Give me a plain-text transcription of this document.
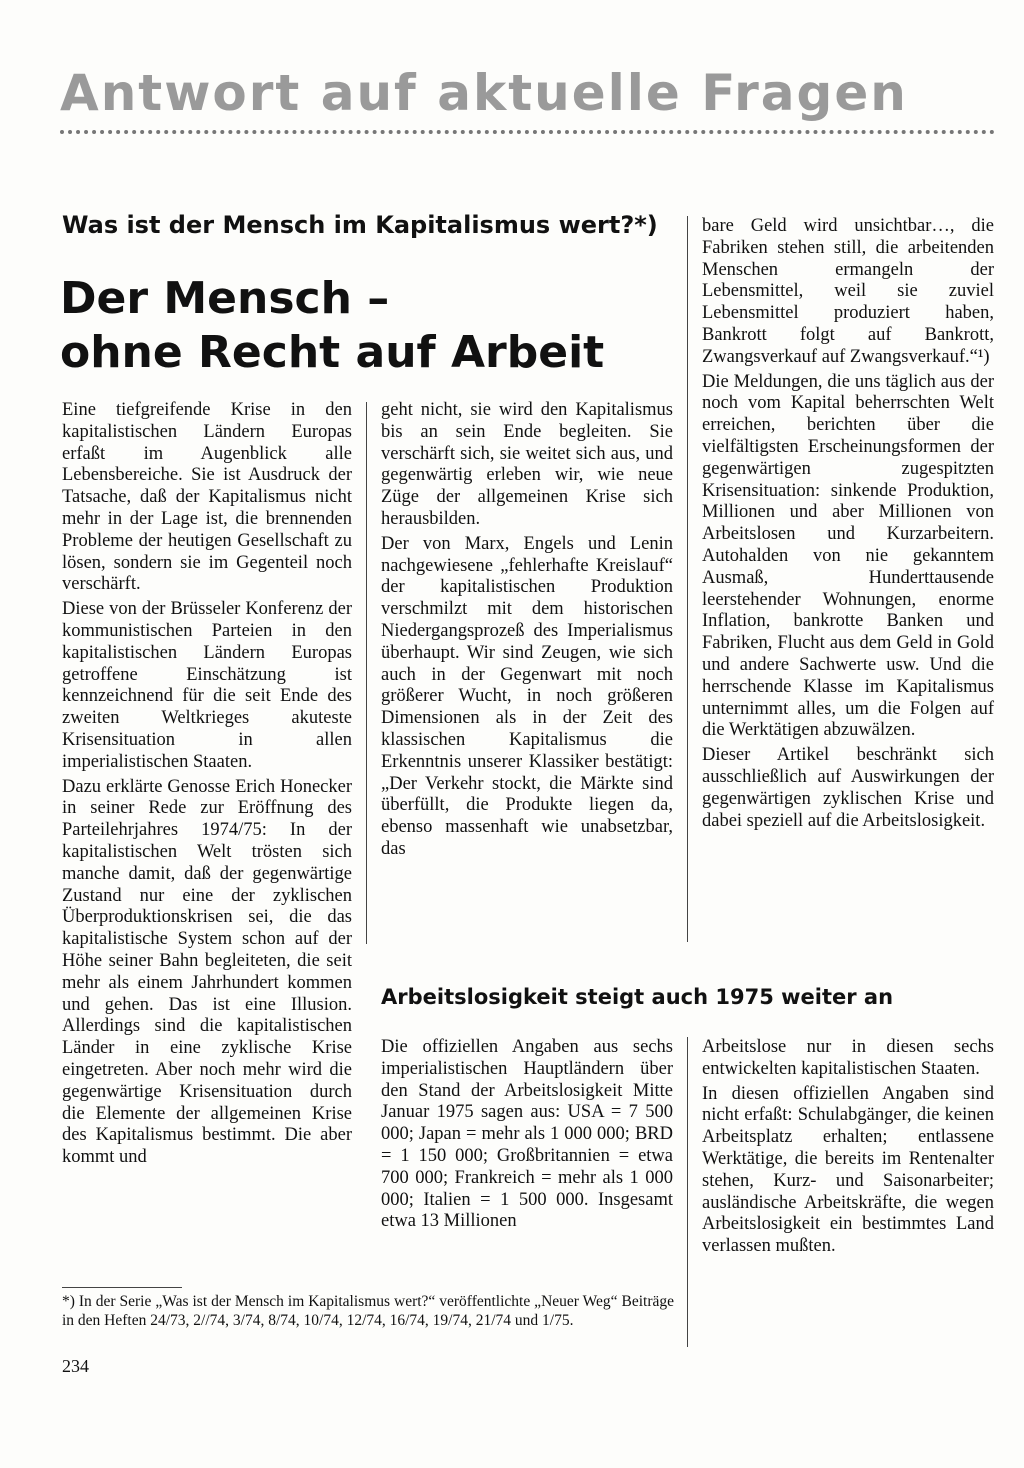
Antwort auf aktuelle Fragen
Was ist der Mensch im Kapitalismus wert?*)
Der Mensch –
ohne Recht auf Arbeit

Eine tiefgreifende Krise in den kapitalistischen Ländern Europas erfaßt im Augenblick alle Lebensbereiche. Sie ist Ausdruck der Tatsache, daß der Kapitalismus nicht mehr in der Lage ist, die brennenden Probleme der heutigen Gesellschaft zu lösen, sondern sie im Gegenteil noch verschärft.

Diese von der Brüsseler Konferenz der kommunistischen Parteien in den kapitalistischen Ländern Europas getroffene Einschätzung ist kennzeichnend für die seit Ende des zweiten Weltkrieges akuteste Krisensituation in allen imperialistischen Staaten.

Dazu erklärte Genosse Erich Honecker in seiner Rede zur Eröffnung des Parteilehrjahres 1974/75: In der kapitalistischen Welt trösten sich manche damit, daß der gegenwärtige Zustand nur eine der zyklischen Überproduktionskrisen sei, die das kapitalistische System schon auf der Höhe seiner Bahn begleiteten, die seit mehr als einem Jahrhundert kommen und gehen. Das ist eine Illusion. Allerdings sind die kapitalistischen Länder in eine zyklische Krise eingetreten. Aber noch mehr wird die gegenwärtige Krisensituation durch die Elemente der allgemeinen Krise des Kapitalismus bestimmt. Die aber kommt und

geht nicht, sie wird den Kapitalismus bis an sein Ende begleiten. Sie verschärft sich, sie weitet sich aus, und gegenwärtig erleben wir, wie neue Züge der allgemeinen Krise sich herausbilden.

Der von Marx, Engels und Lenin nachgewiesene „fehlerhafte Kreislauf“ der kapitalistischen Produktion verschmilzt mit dem historischen Niedergangsprozeß des Imperialismus überhaupt. Wir sind Zeugen, wie sich auch in der Gegenwart mit noch größerer Wucht, in noch größeren Dimensionen als in der Zeit des klassischen Kapitalismus die Erkenntnis unserer Klassiker bestätigt: „Der Verkehr stockt, die Märkte sind überfüllt, die Produkte liegen da, ebenso massenhaft wie unabsetzbar, das

bare Geld wird unsichtbar…, die Fabriken stehen still, die arbeitenden Menschen ermangeln der Lebensmittel, weil sie zuviel Lebensmittel produziert haben, Bankrott folgt auf Bankrott, Zwangsverkauf auf Zwangsverkauf.“¹)

Die Meldungen, die uns täglich aus der noch vom Kapital beherrschten Welt erreichen, berichten über die vielfältigsten Erscheinungsformen der gegenwärtigen zugespitzten Krisensituation: sinkende Produktion, Millionen und aber Millionen von Arbeitslosen und Kurzarbeitern. Autohalden von nie gekanntem Ausmaß, Hunderttausende leerstehender Wohnungen, enorme Inflation, bankrotte Banken und Fabriken, Flucht aus dem Geld in Gold und andere Sachwerte usw. Und die herrschende Klasse im Kapitalismus unternimmt alles, um die Folgen auf die Werktätigen abzuwälzen.

Dieser Artikel beschränkt sich ausschließlich auf Auswirkungen der gegenwärtigen zyklischen Krise und dabei speziell auf die Arbeitslosigkeit.

Arbeitslosigkeit steigt auch 1975 weiter an

Die offiziellen Angaben aus sechs imperialistischen Hauptländern über den Stand der Arbeitslosigkeit Mitte Januar 1975 sagen aus: USA = 7 500 000; Japan = mehr als 1 000 000; BRD = 1 150 000; Großbritannien = etwa 700 000; Frankreich = mehr als 1 000 000; Italien = 1 500 000. Insgesamt etwa 13 Millionen

Arbeitslose nur in diesen sechs entwickelten kapitalistischen Staaten.

In diesen offiziellen Angaben sind nicht erfaßt: Schulabgänger, die keinen Arbeitsplatz erhalten; entlassene Werktätige, die bereits im Rentenalter stehen, Kurz- und Saisonarbeiter; ausländische Arbeitskräfte, die wegen Arbeitslosigkeit ein bestimmtes Land verlassen mußten.

*) In der Serie „Was ist der Mensch im Kapitalismus wert?“ veröffentlichte „Neuer Weg“ Beiträge in den Heften 24/73, 2//74, 3/74, 8/74, 10/74, 12/74, 16/74, 19/74, 21/74 und 1/75.

234
